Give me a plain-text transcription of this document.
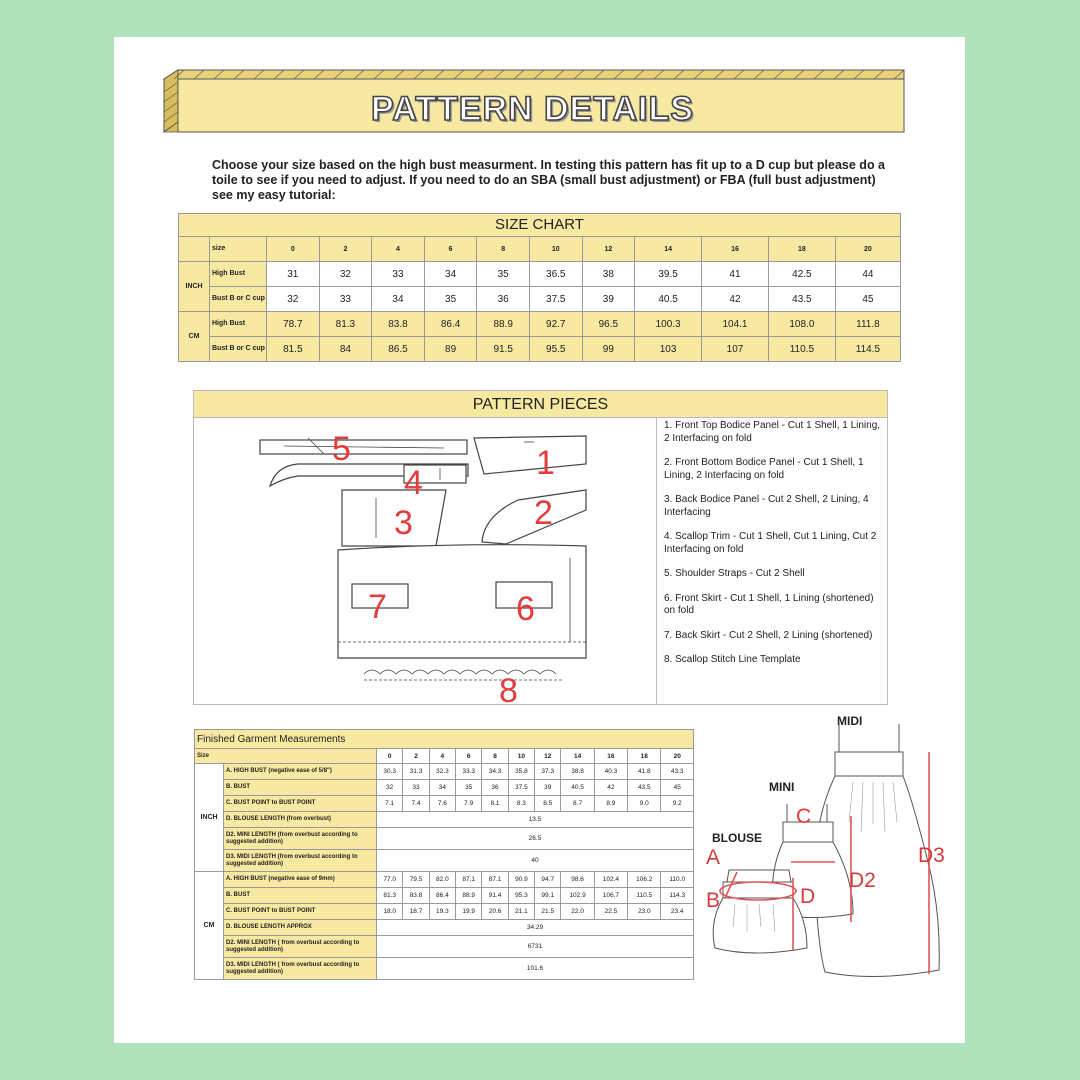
PATTERN DETAILS
Choose your size based on the high bust measurment. In testing this pattern has fit up to a D cup but please do a toile to see if you need to adjust. If you need to do an SBA (small bust adjustment) or FBA (full bust adjustment) see my easy tutorial:
SIZE CHART
	size	0	2	4	6	8	10	12	14	16	18	20
INCH	High Bust	31	32	33	34	35	36.5	38	39.5	41	42.5	44
	Bust B or C cup	32	33	34	35	36	37.5	39	40.5	42	43.5	45
CM	High Bust	78.7	81.3	83.8	86.4	88.9	92.7	96.5	100.3	104.1	108.0	111.8
	Bust B or C cup	81.5	84	86.5	89	91.5	95.5	99	103	107	110.5	114.5
PATTERN PIECES
1
2
3
4
5
6
7
8
1. Front Top Bodice Panel - Cut 1 Shell, 1 Lining, 2 Interfacing on fold
2. Front Bottom Bodice Panel - Cut 1 Shell, 1 Lining, 2 Interfacing on fold
3. Back Bodice Panel - Cut 2 Shell, 2 Lining, 4 Interfacing
4. Scallop Trim - Cut 1 Shell, Cut 1 Lining, Cut 2 Interfacing on fold
5. Shoulder Straps - Cut 2 Shell
6. Front Skirt - Cut 1 Shell, 1 Lining (shortened) on fold
7. Back Skirt - Cut 2 Shell, 2 Lining (shortened)
8. Scallop Stitch Line Template
Finished Garment Measurements
Size		0	2	4	6	8	10	12	14	16	18	20
INCH	A. HIGH BUST (negative ease of 5/8")	30.3	31.3	32.3	33.3	34.3	35.8	37.3	38.8	40.3	41.8	43.3
	B. BUST	32	33	34	35	36	37.5	39	40.5	42	43.5	45
	C. BUST POINT to BUST POINT	7.1	7.4	7.6	7.9	8.1	8.3	8.5	8.7	8.9	9.0	9.2
	D. BLOUSE LENGTH (from overbust)	13.5										
	D2. MINI LENGTH (from overbust according to suggested addition)	26.5										
	D3. MIDI LENGTH (from overbust according to suggested addition)	40										
CM	A. HIGH BUST (negative ease of 9mm)	77.0	79.5	82.0	87.1	87.1	90.9	94.7	98.6	102.4	106.2	110.0
	B. BUST	81.3	83.8	86.4	88.9	91.4	95.3	99.1	102.9	106.7	110.5	114.3
	C. BUST POINT to BUST POINT	18.0	18.7	19.3	19.9	20.6	21.1	21.5	22.0	22.5	23.0	23.4
	D. BLOUSE LENGTH APPROX	34.29										
	D2. MINI LENGTH ( from overbust according to suggested addition)	6731										
	D3. MIDI LENGTH ( from overbust according to suggested addition)	101.6										
MIDI
MINI
BLOUSE
C
A
B	D
D2
D3
